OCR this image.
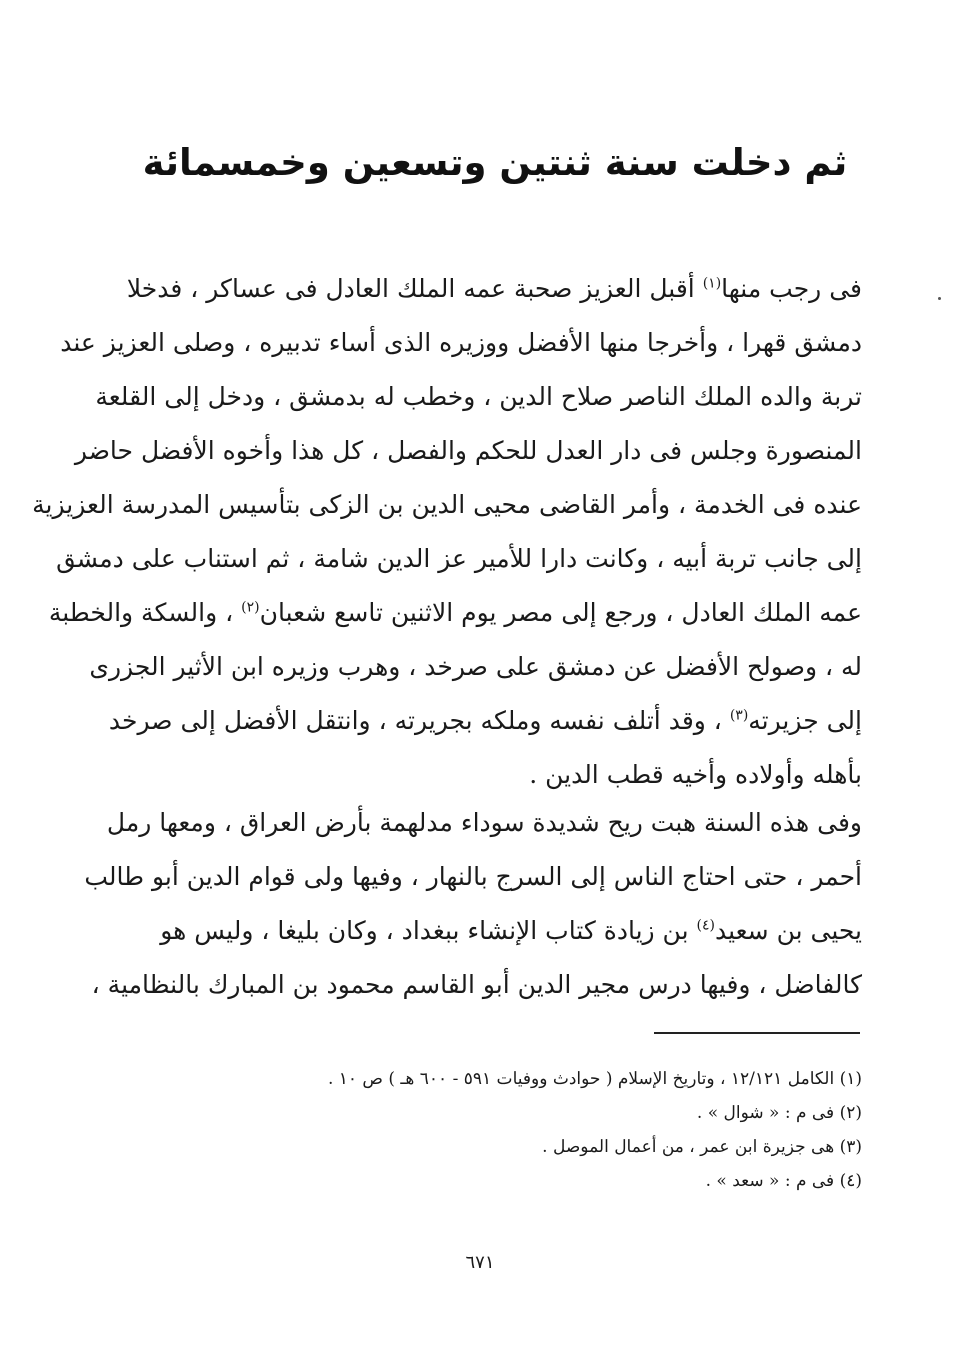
ثم دخلت سنة ثنتين وتسعين وخمسمائة
فى رجب منها$^{(١)}$ أقبل العزيز صحبة عمه الملك العادل فى عساكر ، فدخلا
دمشق قهرا ، وأخرجا منها الأفضل ووزيره الذى أساء تدبيره ، وصلى العزيز عند
تربة والده الملك الناصر صلاح الدين ، وخطب له بدمشق ، ودخل إلى القلعة
المنصورة وجلس فى دار العدل للحكم والفصل ، كل هذا وأخوه الأفضل حاضر
عنده فى الخدمة ، وأمر القاضى محيى الدين بن الزكى بتأسيس المدرسة العزيزية
إلى جانب تربة أبيه ، وكانت دارا للأمير عز الدين شامة ، ثم استناب على دمشق
عمه الملك العادل ، ورجع إلى مصر يوم الاثنين تاسع شعبان$^{(٢)}$ ، والسكة والخطبة
له ، وصولح الأفضل عن دمشق على صرخد ، وهرب وزيره ابن الأثير الجزرى
إلى جزيرته$^{(٣)}$ ، وقد أتلف نفسه وملكه بجريرته ، وانتقل الأفضل إلى صرخد
بأهله وأولاده وأخيه قطب الدين .
وفى هذه السنة هبت ريح شديدة سوداء مدلهمة بأرض العراق ، ومعها رمل
أحمر ، حتى احتاج الناس إلى السرج بالنهار ، وفيها ولى قوام الدين أبو طالب
يحيى بن سعيد$^{(٤)}$ بن زيادة كتاب الإنشاء ببغداد ، وكان بليغا ، وليس هو
كالفاضل ، وفيها درس مجير الدين أبو القاسم محمود بن المبارك بالنظامية ،
(١) الكامل ١٢/١٢١ ، وتاريخ الإسلام ( حوادث ووفيات ٥٩١ - ٦٠٠ هـ ) ص ١٠ .
(٢) فى م : « شوال » .
(٣) هى جزيرة ابن عمر ، من أعمال الموصل .
(٤) فى م : « سعد » .
٦٧١
